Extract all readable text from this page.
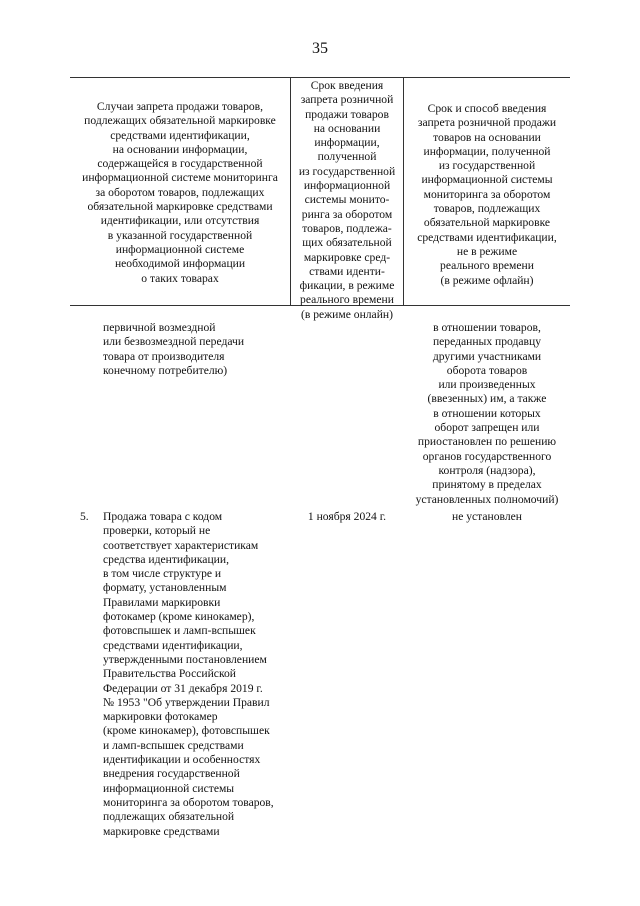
35
Случаи запрета продажи товаров,
подлежащих обязательной маркировке
средствами идентификации,
на основании информации,
содержащейся в государственной
информационной системе мониторинга
за оборотом товаров, подлежащих
обязательной маркировке средствами
идентификации, или отсутствия
в указанной государственной
информационной системе
необходимой информации
о таких товарах
Срок введения
запрета розничной
продажи товаров
на основании
информации,
полученной
из государственной
информационной
системы монито-
ринга за оборотом
товаров, подлежа-
щих обязательной
маркировке сред-
ствами иденти-
фикации, в режиме
реального времени
(в режиме онлайн)
Срок и способ введения
запрета розничной продажи
товаров на основании
информации, полученной
из государственной
информационной системы
мониторинга за оборотом
товаров, подлежащих
обязательной маркировке
средствами идентификации,
не в режиме
реального времени
(в режиме офлайн)
первичной возмездной
или безвозмездной передачи
товара от производителя
конечному потребителю)
в отношении товаров,
переданных продавцу
другими участниками
оборота товаров
или произведенных
(ввезенных) им, а также
в отношении которых
оборот запрещен или
приостановлен по решению
органов государственного
контроля (надзора),
принятому в пределах
установленных полномочий)
5.	Продажа товара с кодом
проверки, который не
соответствует характеристикам
средства идентификации,
в том числе структуре и
формату, установленным
Правилами маркировки
фотокамер (кроме кинокамер),
фотовспышек и ламп-вспышек
средствами идентификации,
утвержденными постановлением
Правительства Российской
Федерации от 31 декабря 2019 г.
№ 1953 "Об утверждении Правил
маркировки фотокамер
(кроме кинокамер), фотовспышек
и ламп-вспышек средствами
идентификации и особенностях
внедрения государственной
информационной системы
мониторинга за оборотом товаров,
подлежащих обязательной
маркировке средствами
1 ноября 2024 г.	не установлен
